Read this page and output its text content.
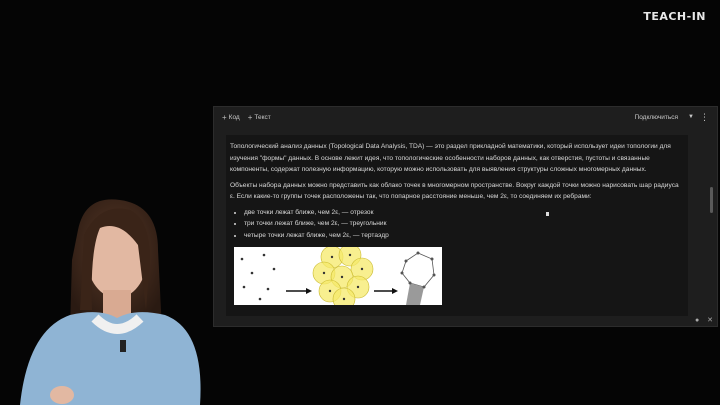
TEACH-IN
+ Код + Текст	Подключиться ▼ ⋮

Топологический анализ данных (Topological Data Analysis, TDA) — это раздел прикладной математики, который использует идеи топологии для изучения "формы" данных. В основе лежит идея, что топологические особенности наборов данных, как отверстия, пустоты и связанные компоненты, содержат полезную информацию, которую можно использовать для выявления структуры сложных многомерных данных.

Объекты набора данных можно представить как облако точек в многомерном пространстве. Вокруг каждой точки можно нарисовать шар радиуса ε. Если какие-то группы точек расположены так, что попарное расстояние меньше, чем 2ε, то соединяем их ребрами:

• две точки лежат ближе, чем 2ε, — отрезок
• три точки лежат ближе, чем 2ε, — треугольник
• четыре точки лежат ближе, чем 2ε, — тертаэдр
● ✕
